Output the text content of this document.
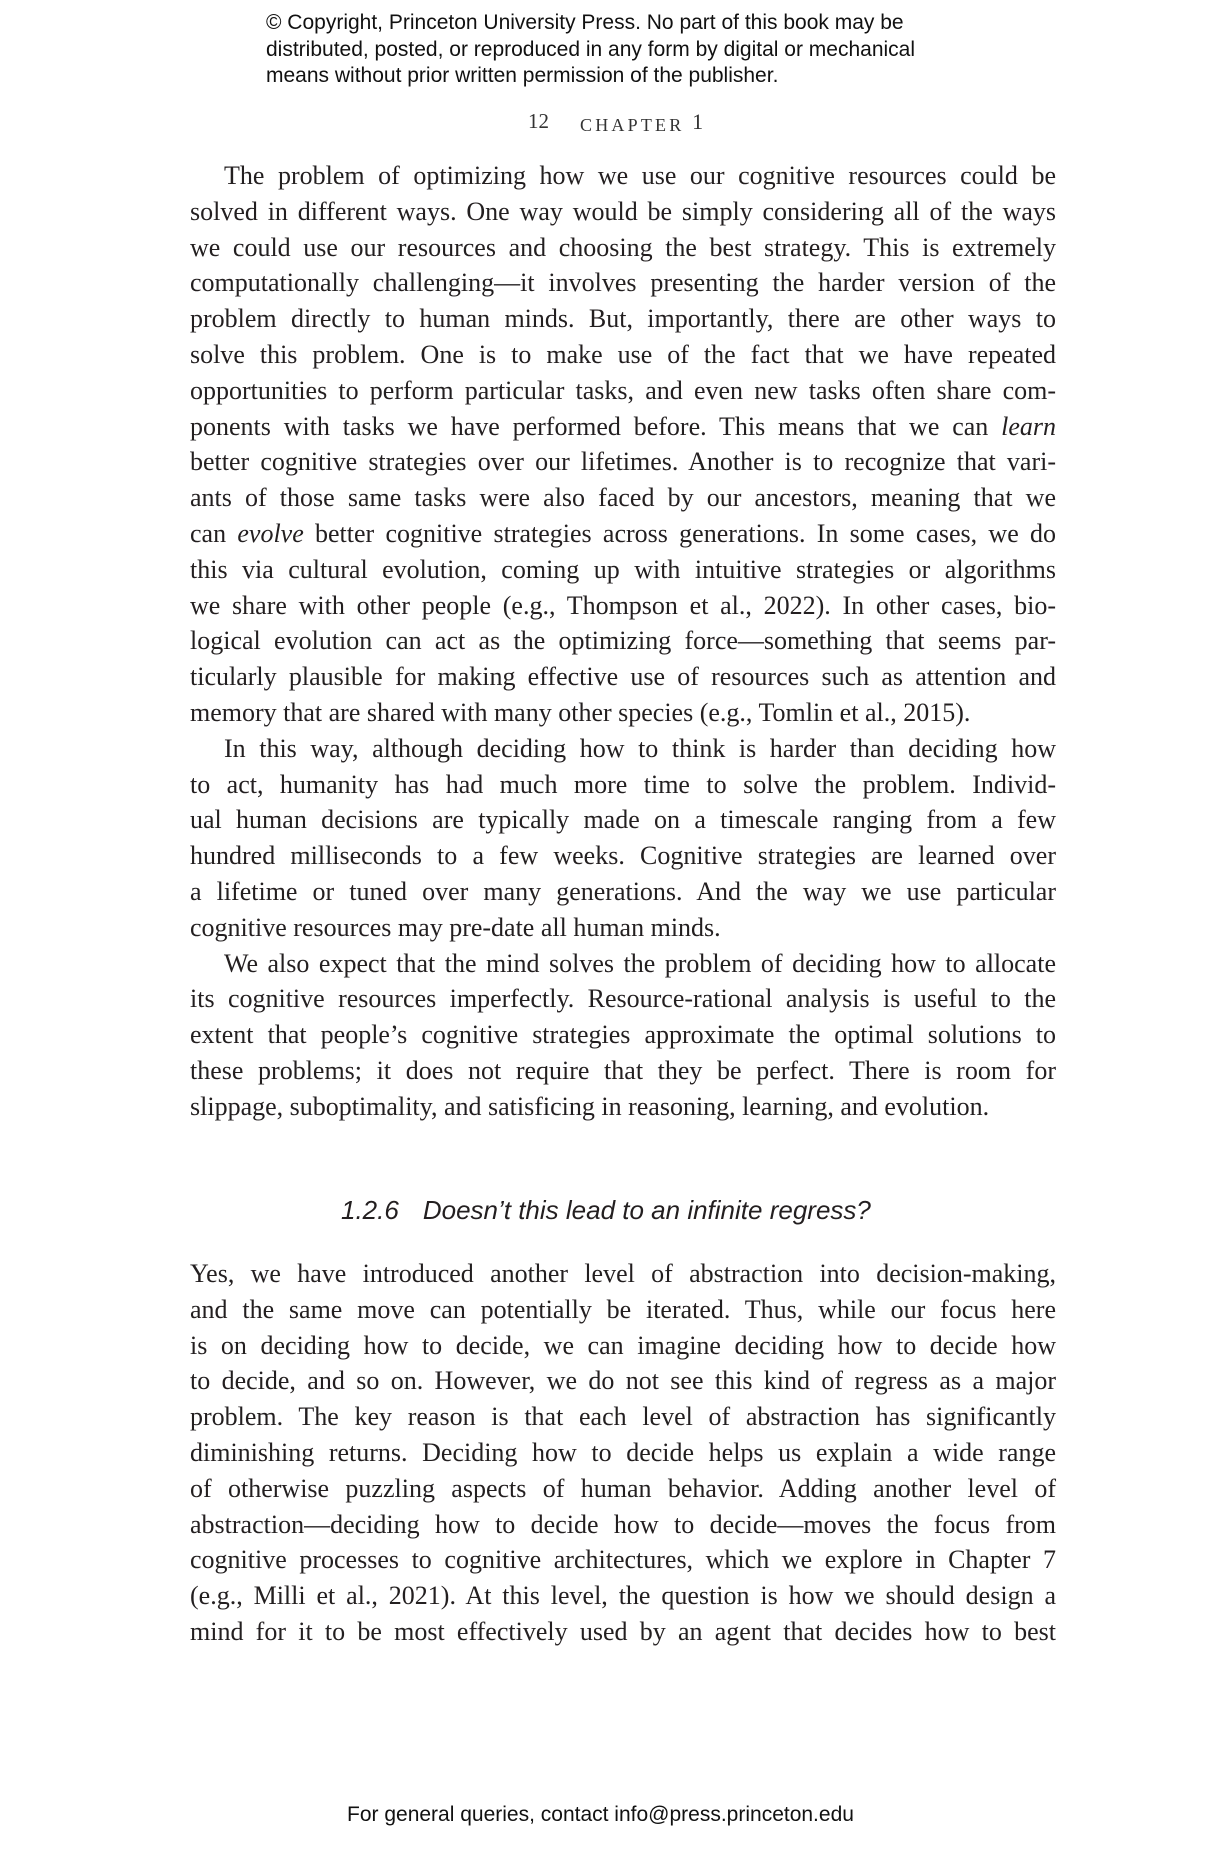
© Copyright, Princeton University Press. No part of this book may be
distributed, posted, or reproduced in any form by digital or mechanical
means without prior written permission of the publisher.
12 CHAPTER 1
The problem of optimizing how we use our cognitive resources could be
solved in different ways. One way would be simply considering all of the ways
we could use our resources and choosing the best strategy. This is extremely
computationally challenging—it involves presenting the harder version of the
problem directly to human minds. But, importantly, there are other ways to
solve this problem. One is to make use of the fact that we have repeated
opportunities to perform particular tasks, and even new tasks often share com-
ponents with tasks we have performed before. This means that we can learn
better cognitive strategies over our lifetimes. Another is to recognize that vari-
ants of those same tasks were also faced by our ancestors, meaning that we
can evolve better cognitive strategies across generations. In some cases, we do
this via cultural evolution, coming up with intuitive strategies or algorithms
we share with other people (e.g., Thompson et al., 2022). In other cases, bio-
logical evolution can act as the optimizing force—something that seems par-
ticularly plausible for making effective use of resources such as attention and
memory that are shared with many other species (e.g., Tomlin et al., 2015).
In this way, although deciding how to think is harder than deciding how
to act, humanity has had much more time to solve the problem. Individ-
ual human decisions are typically made on a timescale ranging from a few
hundred milliseconds to a few weeks. Cognitive strategies are learned over
a lifetime or tuned over many generations. And the way we use particular
cognitive resources may pre-date all human minds.
We also expect that the mind solves the problem of deciding how to allocate
its cognitive resources imperfectly. Resource-rational analysis is useful to the
extent that people’s cognitive strategies approximate the optimal solutions to
these problems; it does not require that they be perfect. There is room for
slippage, suboptimality, and satisficing in reasoning, learning, and evolution.
1.2.6 Doesn’t this lead to an infinite regress?
Yes, we have introduced another level of abstraction into decision-making,
and the same move can potentially be iterated. Thus, while our focus here
is on deciding how to decide, we can imagine deciding how to decide how
to decide, and so on. However, we do not see this kind of regress as a major
problem. The key reason is that each level of abstraction has significantly
diminishing returns. Deciding how to decide helps us explain a wide range
of otherwise puzzling aspects of human behavior. Adding another level of
abstraction—deciding how to decide how to decide—moves the focus from
cognitive processes to cognitive architectures, which we explore in Chapter 7
(e.g., Milli et al., 2021). At this level, the question is how we should design a
mind for it to be most effectively used by an agent that decides how to best
For general queries, contact info@press.princeton.edu
